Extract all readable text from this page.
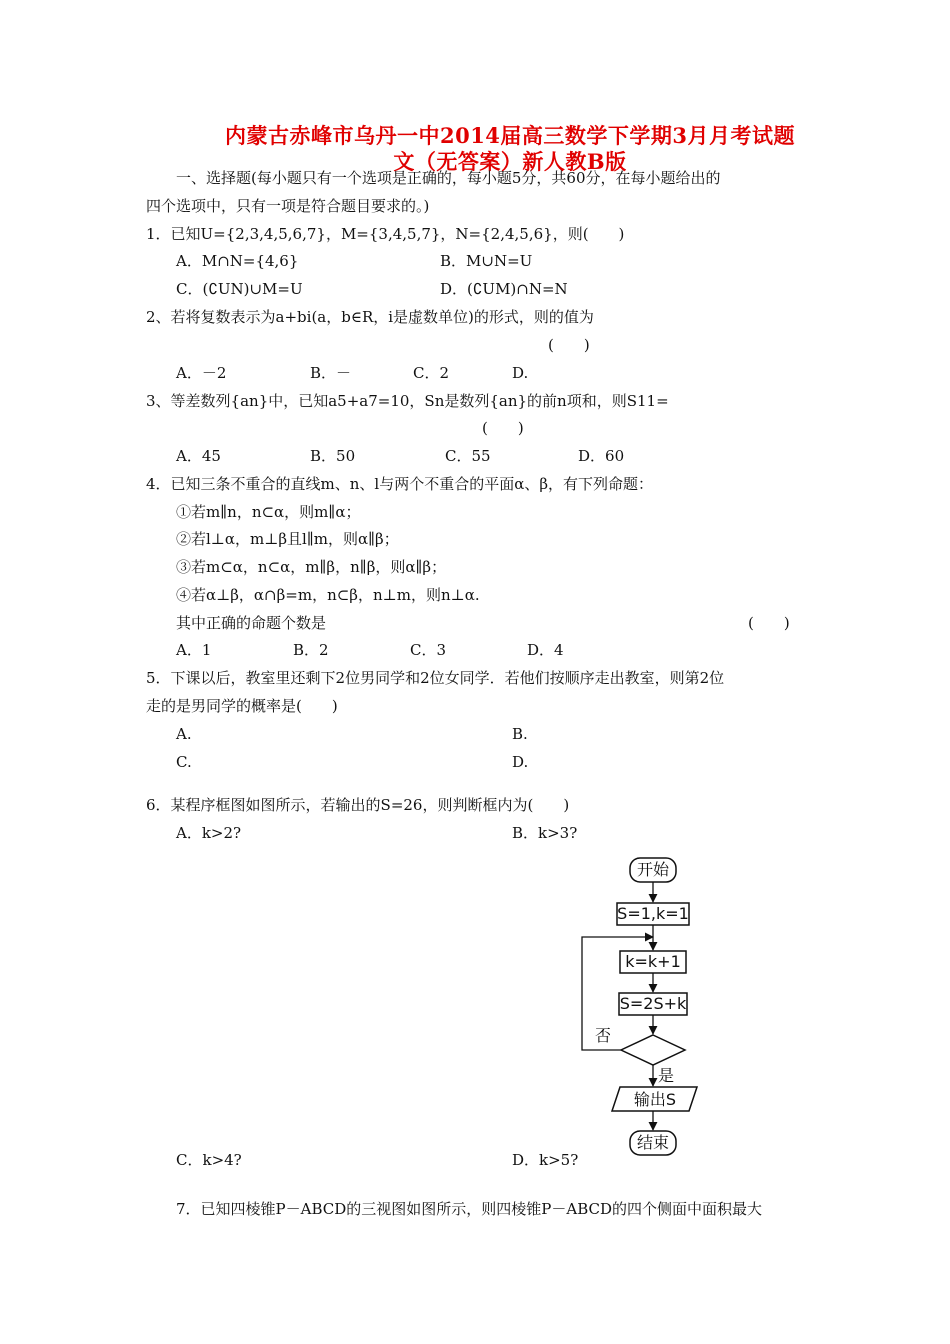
内蒙古赤峰市乌丹一中2014届高三数学下学期3月月考试题
文（无答案）新人教B版
一、选择题(每小题只有一个选项是正确的，每小题5分，共60分，在每小题给出的
四个选项中，只有一项是符合题目要求的。)
1．已知U={2,3,4,5,6,7}，M={3,4,5,7}，N={2,4,5,6}，则(　　)
A．M∩N={4,6}	B．M∪N=U
C．(∁UN)∪M=U	D．(∁UM)∩N=N
2、若将复数表示为a+bi(a，b∈R，i是虚数单位)的形式，则的值为
(　　)
A．－2	B．－	C．2	D.
3、等差数列{an}中，已知a5+a7=10，Sn是数列{an}的前n项和，则S11=
(　　)
A．45	B．50	C．55	D．60
4．已知三条不重合的直线m、n、l与两个不重合的平面α、β，有下列命题：
①若m∥n，n⊂α，则m∥α；
②若l⊥α，m⊥β且l∥m，则α∥β；
③若m⊂α，n⊂α，m∥β，n∥β，则α∥β；
④若α⊥β，α∩β=m，n⊂β，n⊥m，则n⊥α.
其中正确的命题个数是	(　　)
A．1	B．2	C．3	D．4
5．下课以后，教室里还剩下2位男同学和2位女同学．若他们按顺序走出教室，则第2位
走的是男同学的概率是(　　)
A.	B.
C.	D.
6．某程序框图如图所示，若输出的S=26，则判断框内为(　　)
A．k>2?	B．k>3?
开始
S=1,k=1
k=k+1
S=2S+k
否
是
输出S
结束
C．k>4?	D．k>5?
7．已知四棱锥P－ABCD的三视图如图所示，则四棱锥P－ABCD的四个侧面中面积最大
